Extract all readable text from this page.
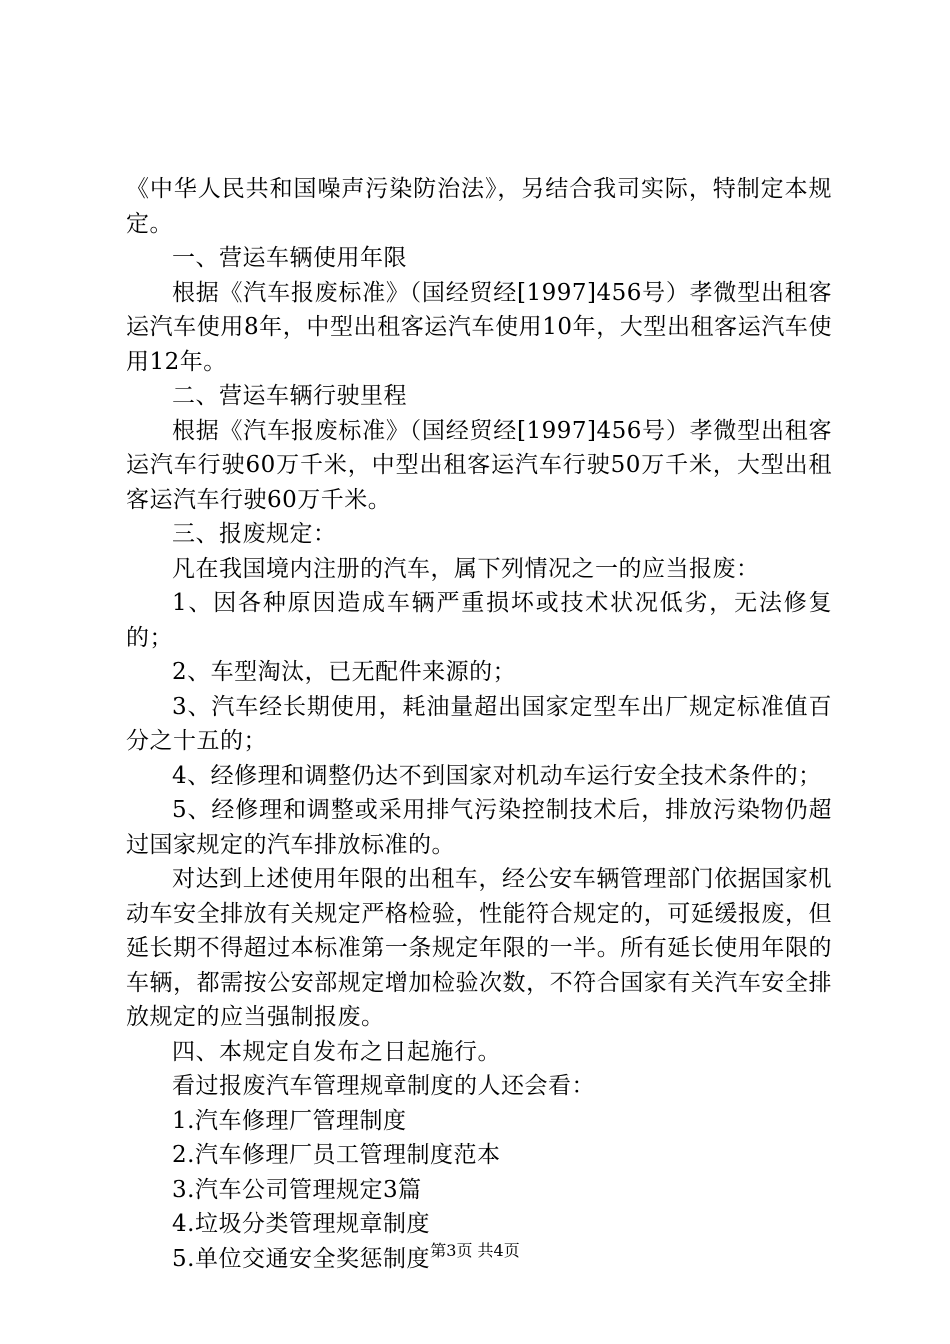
《中华人民共和国噪声污染防治法》，另结合我司实际，特制定本规定。

一、营运车辆使用年限

根据《汽车报废标准》（国经贸经[1997]456号）孝微型出租客运汽车使用8年，中型出租客运汽车使用10年，大型出租客运汽车使用12年。

二、营运车辆行驶里程

根据《汽车报废标准》（国经贸经[1997]456号）孝微型出租客运汽车行驶60万千米，中型出租客运汽车行驶50万千米，大型出租客运汽车行驶60万千米。

三、报废规定：

凡在我国境内注册的汽车，属下列情况之一的应当报废：

1、因各种原因造成车辆严重损坏或技术状况低劣，无法修复的；

2、车型淘汰，已无配件来源的；

3、汽车经长期使用，耗油量超出国家定型车出厂规定标准值百分之十五的；

4、经修理和调整仍达不到国家对机动车运行安全技术条件的；

5、经修理和调整或采用排气污染控制技术后，排放污染物仍超过国家规定的汽车排放标准的。

对达到上述使用年限的出租车，经公安车辆管理部门依据国家机动车安全排放有关规定严格检验，性能符合规定的，可延缓报废，但延长期不得超过本标准第一条规定年限的一半。所有延长使用年限的车辆，都需按公安部规定增加检验次数，不符合国家有关汽车安全排放规定的应当强制报废。

四、本规定自发布之日起施行。

看过报废汽车管理规章制度的人还会看：

1.汽车修理厂管理制度

2.汽车修理厂员工管理制度范本

3.汽车公司管理规定3篇

4.垃圾分类管理规章制度

5.单位交通安全奖惩制度 第3页 共4页
